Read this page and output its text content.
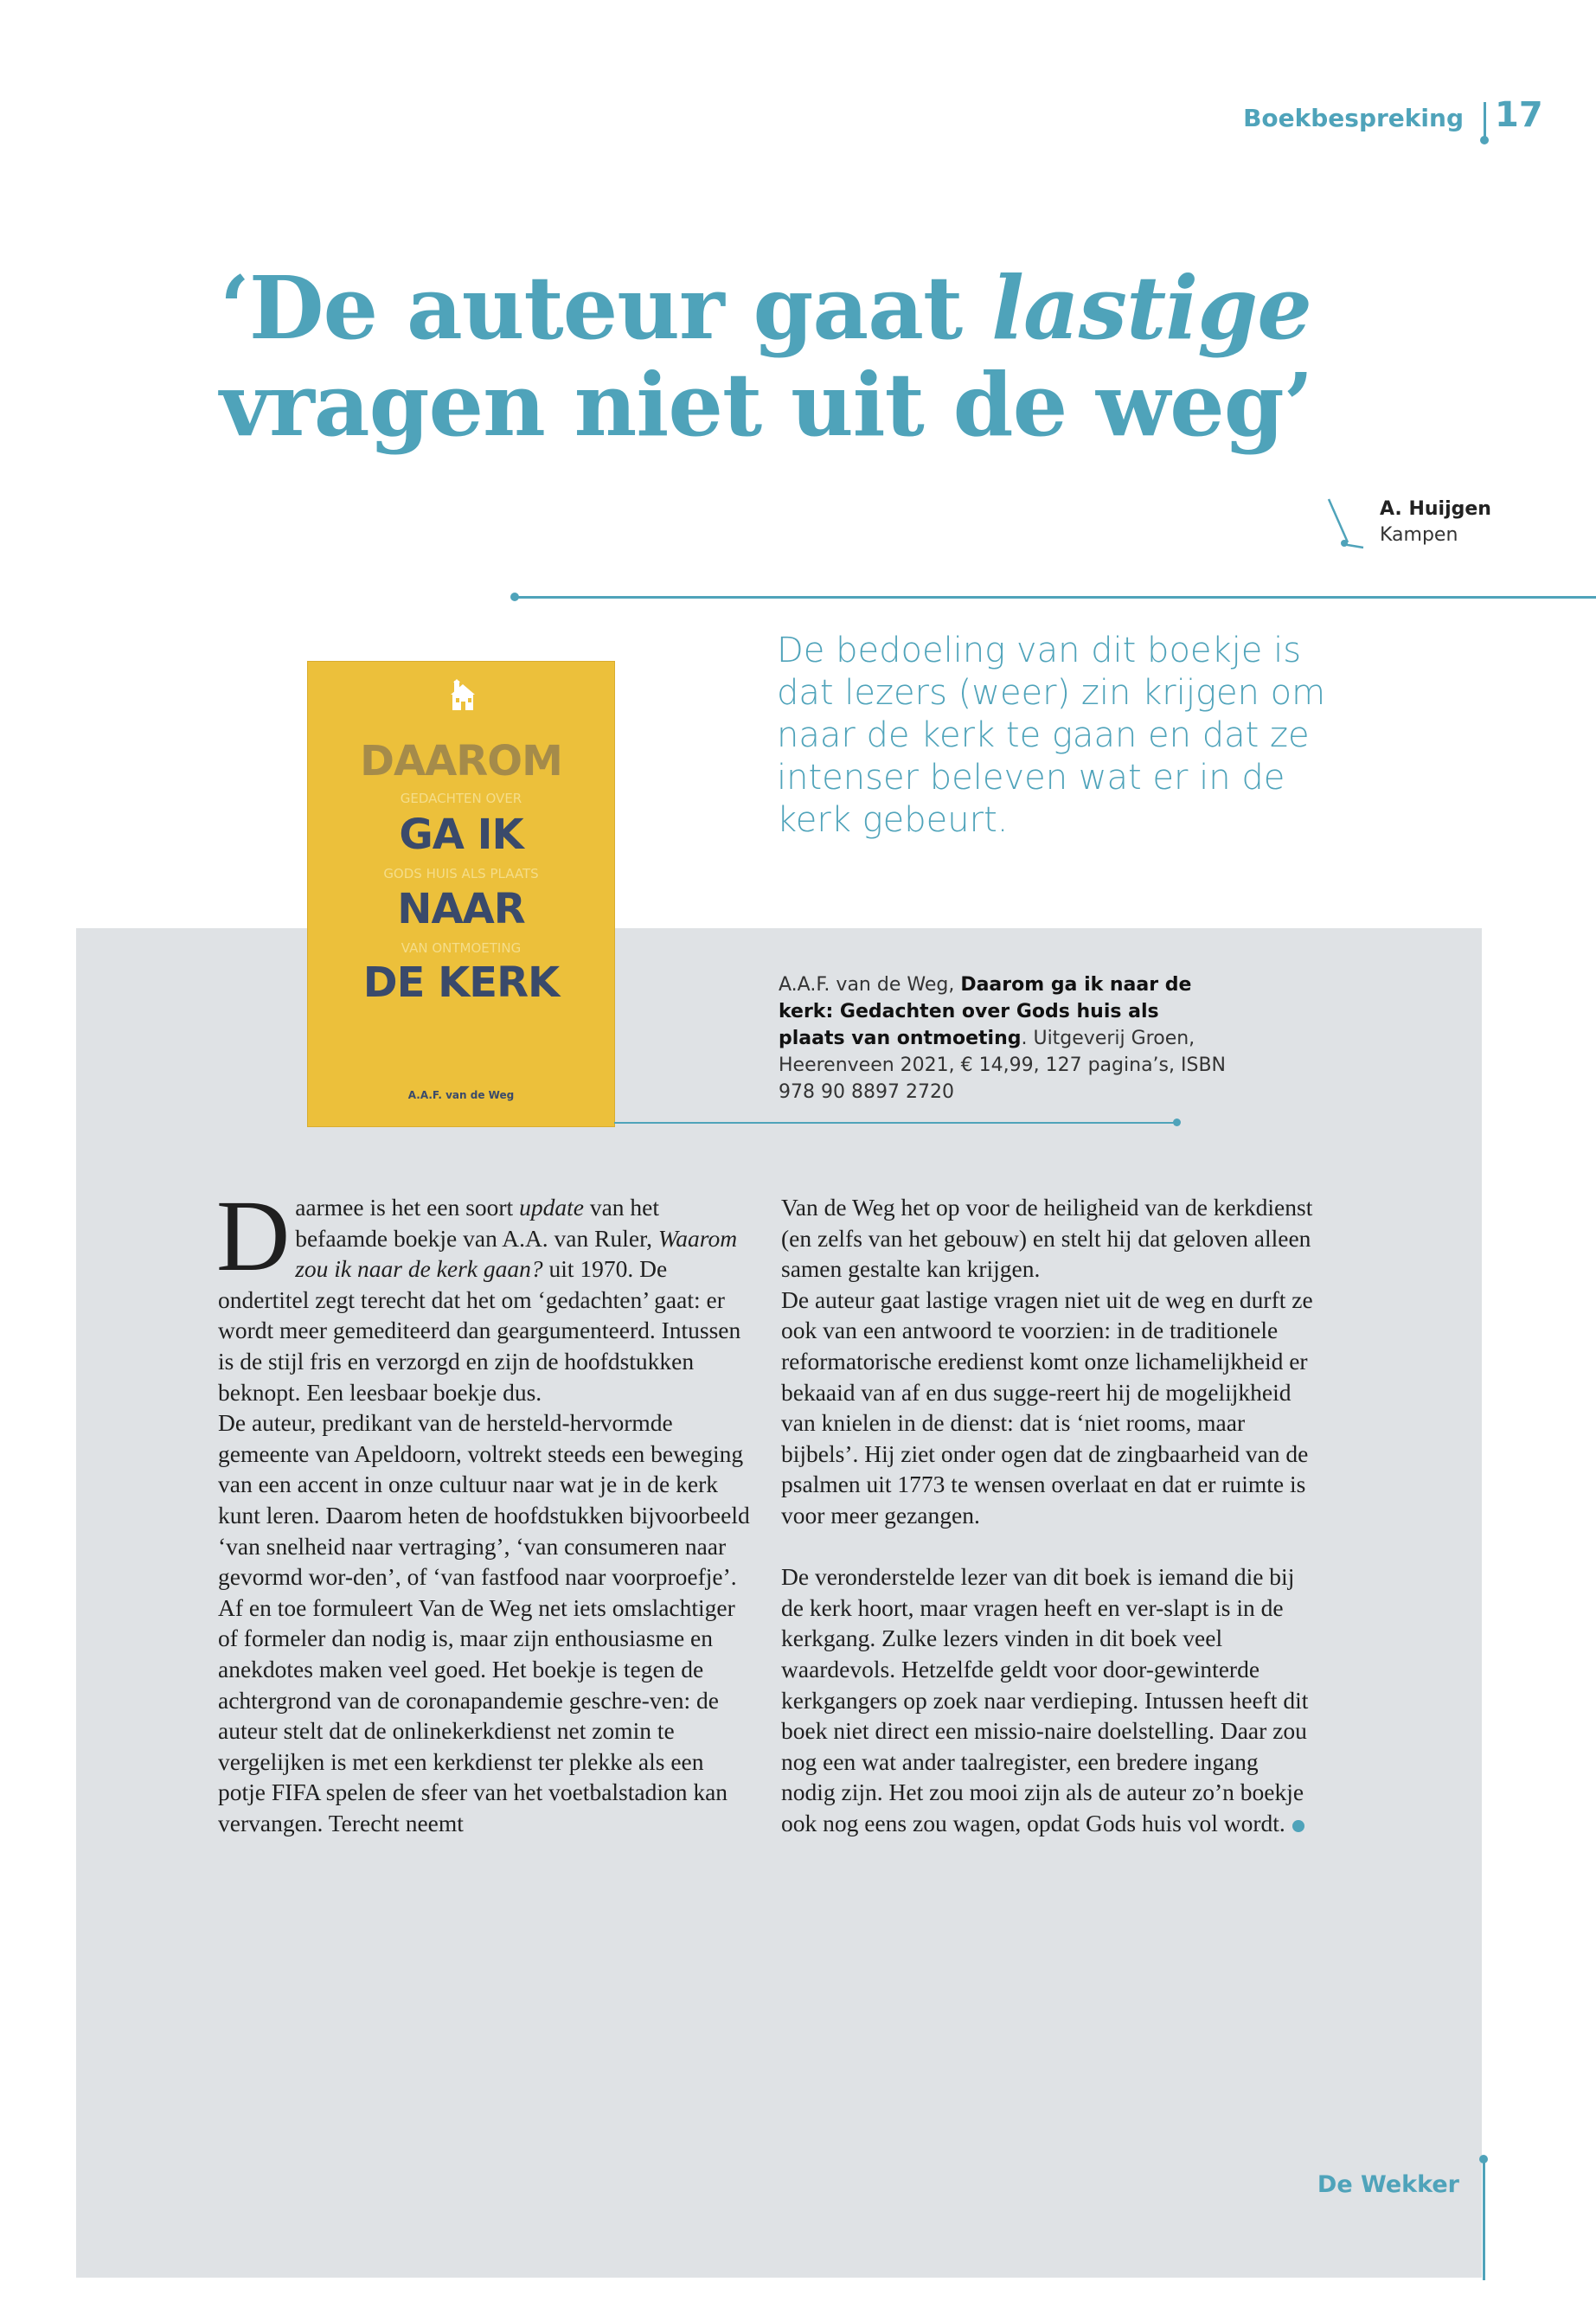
Boekbespreking 17
‘De auteur gaat lastige
vragen niet uit de weg’
A. Huijgen
Kampen
De bedoeling van dit boekje is dat lezers (weer) zin krijgen om naar de kerk te gaan en dat ze intenser beleven wat er in de kerk gebeurt.
DAAROM
GEDACHTEN OVER
GA IK
GODS HUIS ALS PLAATS
NAAR
VAN ONTMOETING
DE KERK
A.A.F. van de Weg
A.A.F. van de Weg, Daarom ga ik naar de kerk: Gedachten over Gods huis als plaats van ontmoeting. Uitgeverij Groen, Heerenveen 2021, € 14,99, 127 pagina’s, ISBN 978 90 8897 2720

Daarmee is het een soort update van het befaamde boekje van A.A. van Ruler, Waarom zou ik naar de kerk gaan? uit 1970. De ondertitel zegt terecht dat het om ‘gedachten’ gaat: er wordt meer gemediteerd dan geargumenteerd. Intussen is de stijl fris en verzorgd en zijn de hoofdstukken beknopt. Een leesbaar boekje dus.

De auteur, predikant van de hersteld-hervormde gemeente van Apeldoorn, voltrekt steeds een beweging van een accent in onze cultuur naar wat je in de kerk kunt leren. Daarom heten de hoofdstukken bijvoorbeeld ‘van snelheid naar vertraging’, ‘van consumeren naar gevormd wor-den’, of ‘van fastfood naar voorproefje’. Af en toe formuleert Van de Weg net iets omslachtiger of formeler dan nodig is, maar zijn enthousiasme en anekdotes maken veel goed. Het boekje is tegen de achtergrond van de coronapandemie geschre-ven: de auteur stelt dat de onlinekerkdienst net zomin te vergelijken is met een kerkdienst ter plekke als een potje FIFA spelen de sfeer van het voetbalstadion kan vervangen. Terecht neemt

Van de Weg het op voor de heiligheid van de kerkdienst (en zelfs van het gebouw) en stelt hij dat geloven alleen samen gestalte kan krijgen.

De auteur gaat lastige vragen niet uit de weg en durft ze ook van een antwoord te voorzien: in de traditionele reformatorische eredienst komt onze lichamelijkheid er bekaaid van af en dus sugge-reert hij de mogelijkheid van knielen in de dienst: dat is ‘niet rooms, maar bijbels’. Hij ziet onder ogen dat de zingbaarheid van de psalmen uit 1773 te wensen overlaat en dat er ruimte is voor meer gezangen.

De veronderstelde lezer van dit boek is iemand die bij de kerk hoort, maar vragen heeft en ver-slapt is in de kerkgang. Zulke lezers vinden in dit boek veel waardevols. Hetzelfde geldt voor door-gewinterde kerkgangers op zoek naar verdieping. Intussen heeft dit boek niet direct een missio-naire doelstelling. Daar zou nog een wat ander taalregister, een bredere ingang nodig zijn. Het zou mooi zijn als de auteur zo’n boekje ook nog eens zou wagen, opdat Gods huis vol wordt.

De Wekker
